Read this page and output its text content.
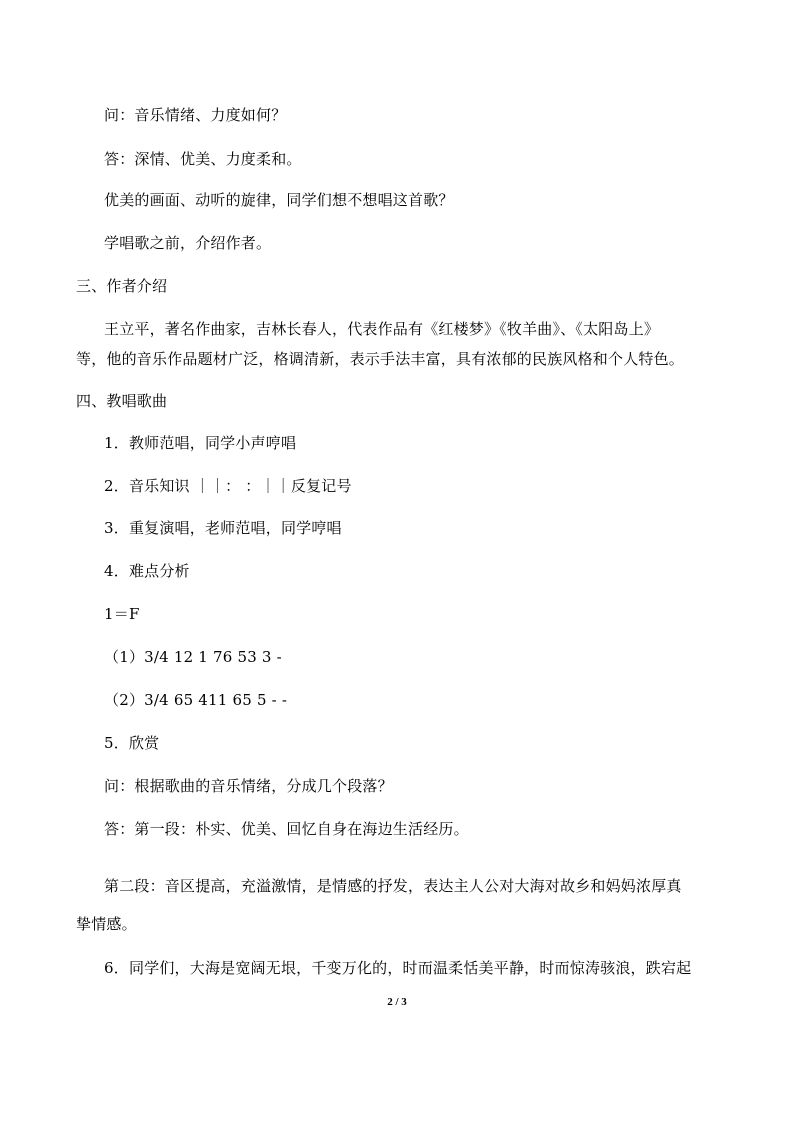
问：音乐情绪、力度如何？
答：深情、优美、力度柔和。
优美的画面、动听的旋律，同学们想不想唱这首歌？
学唱歌之前，介绍作者。
三、作者介绍
王立平，著名作曲家，吉林长春人，代表作品有《红楼梦》《牧羊曲》、《太阳岛上》
等，他的音乐作品题材广泛，格调清新，表示手法丰富，具有浓郁的民族风格和个人特色。
四、教唱歌曲
1．教师范唱，同学小声哼唱
2．音乐知识 ｜｜： ：｜｜反复记号
3．重复演唱，老师范唱，同学哼唱
4．难点分析
1＝F
（1）3/4 12 1 76 53 3 -
（2）3/4 65 411 65 5 - -
5．欣赏
问：根据歌曲的音乐情绪，分成几个段落？
答：第一段：朴实、优美、回忆自身在海边生活经历。
第二段：音区提高，充溢激情，是情感的抒发，表达主人公对大海对故乡和妈妈浓厚真
挚情感。
6．同学们，大海是宽阔无垠，千变万化的，时而温柔恬美平静，时而惊涛骇浪，跌宕起
2 / 3
